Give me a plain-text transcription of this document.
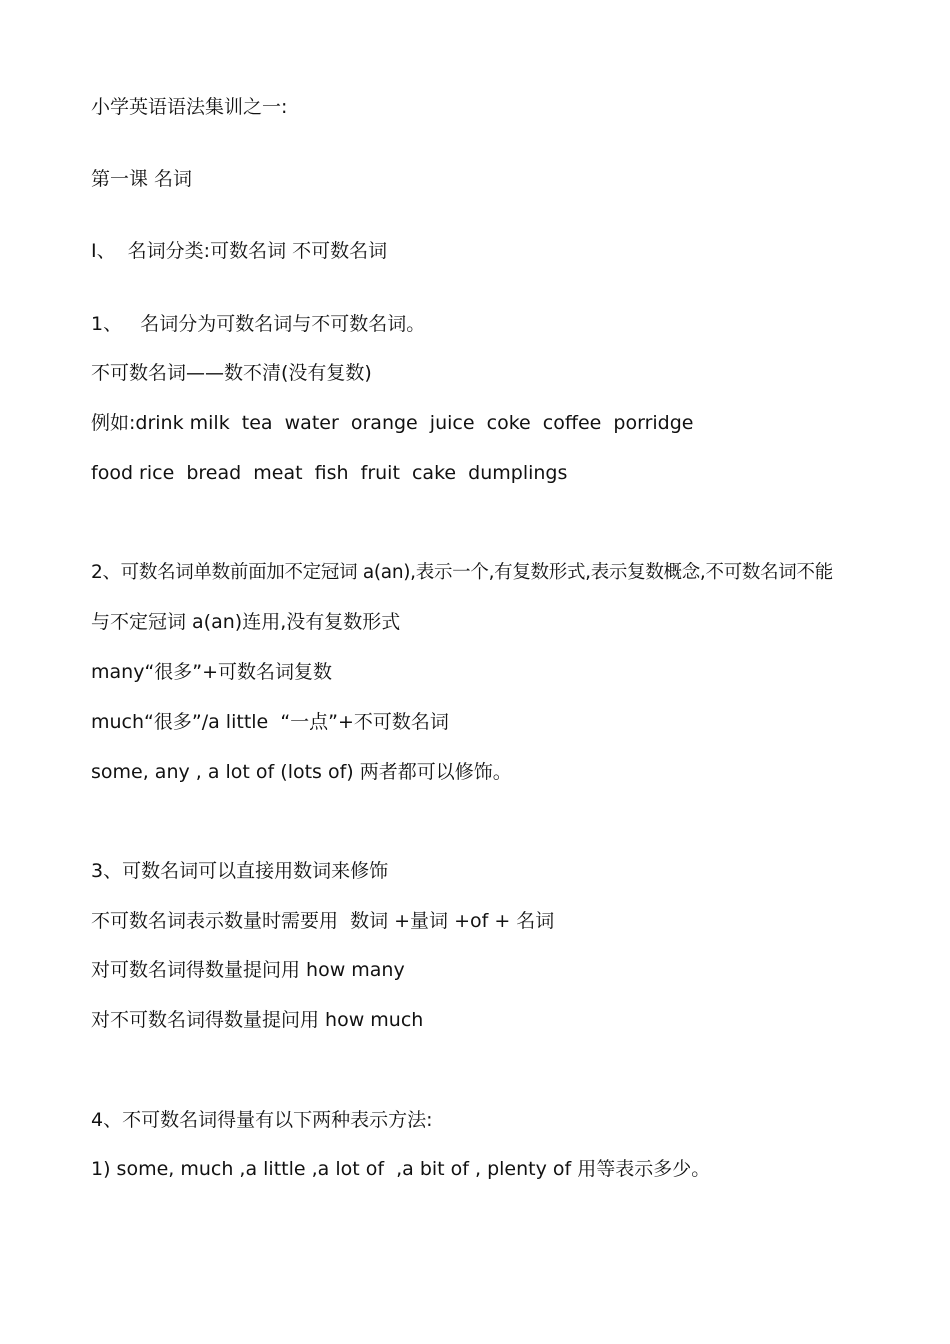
小学英语语法集训之一:
第一课 名词
I、  名词分类:可数名词 不可数名词
1、   名词分为可数名词与不可数名词。
不可数名词——数不清(没有复数)
例如:drink milk  tea  water  orange  juice  coke  coffee  porridge
food rice  bread  meat  fish  fruit  cake  dumplings
2、可数名词单数前面加不定冠词 a(an),表示一个,有复数形式,表示复数概念,不可数名词不能
与不定冠词 a(an)连用,没有复数形式
many“很多”+可数名词复数
much“很多”/a little  “一点”+不可数名词
some, any , a lot of (lots of) 两者都可以修饰。
3、可数名词可以直接用数词来修饰
不可数名词表示数量时需要用  数词 +量词 +of + 名词
对可数名词得数量提问用 how many
对不可数名词得数量提问用 how much
4、不可数名词得量有以下两种表示方法:
1) some, much ,a little ,a lot of  ,a bit of , plenty of 用等表示多少。
